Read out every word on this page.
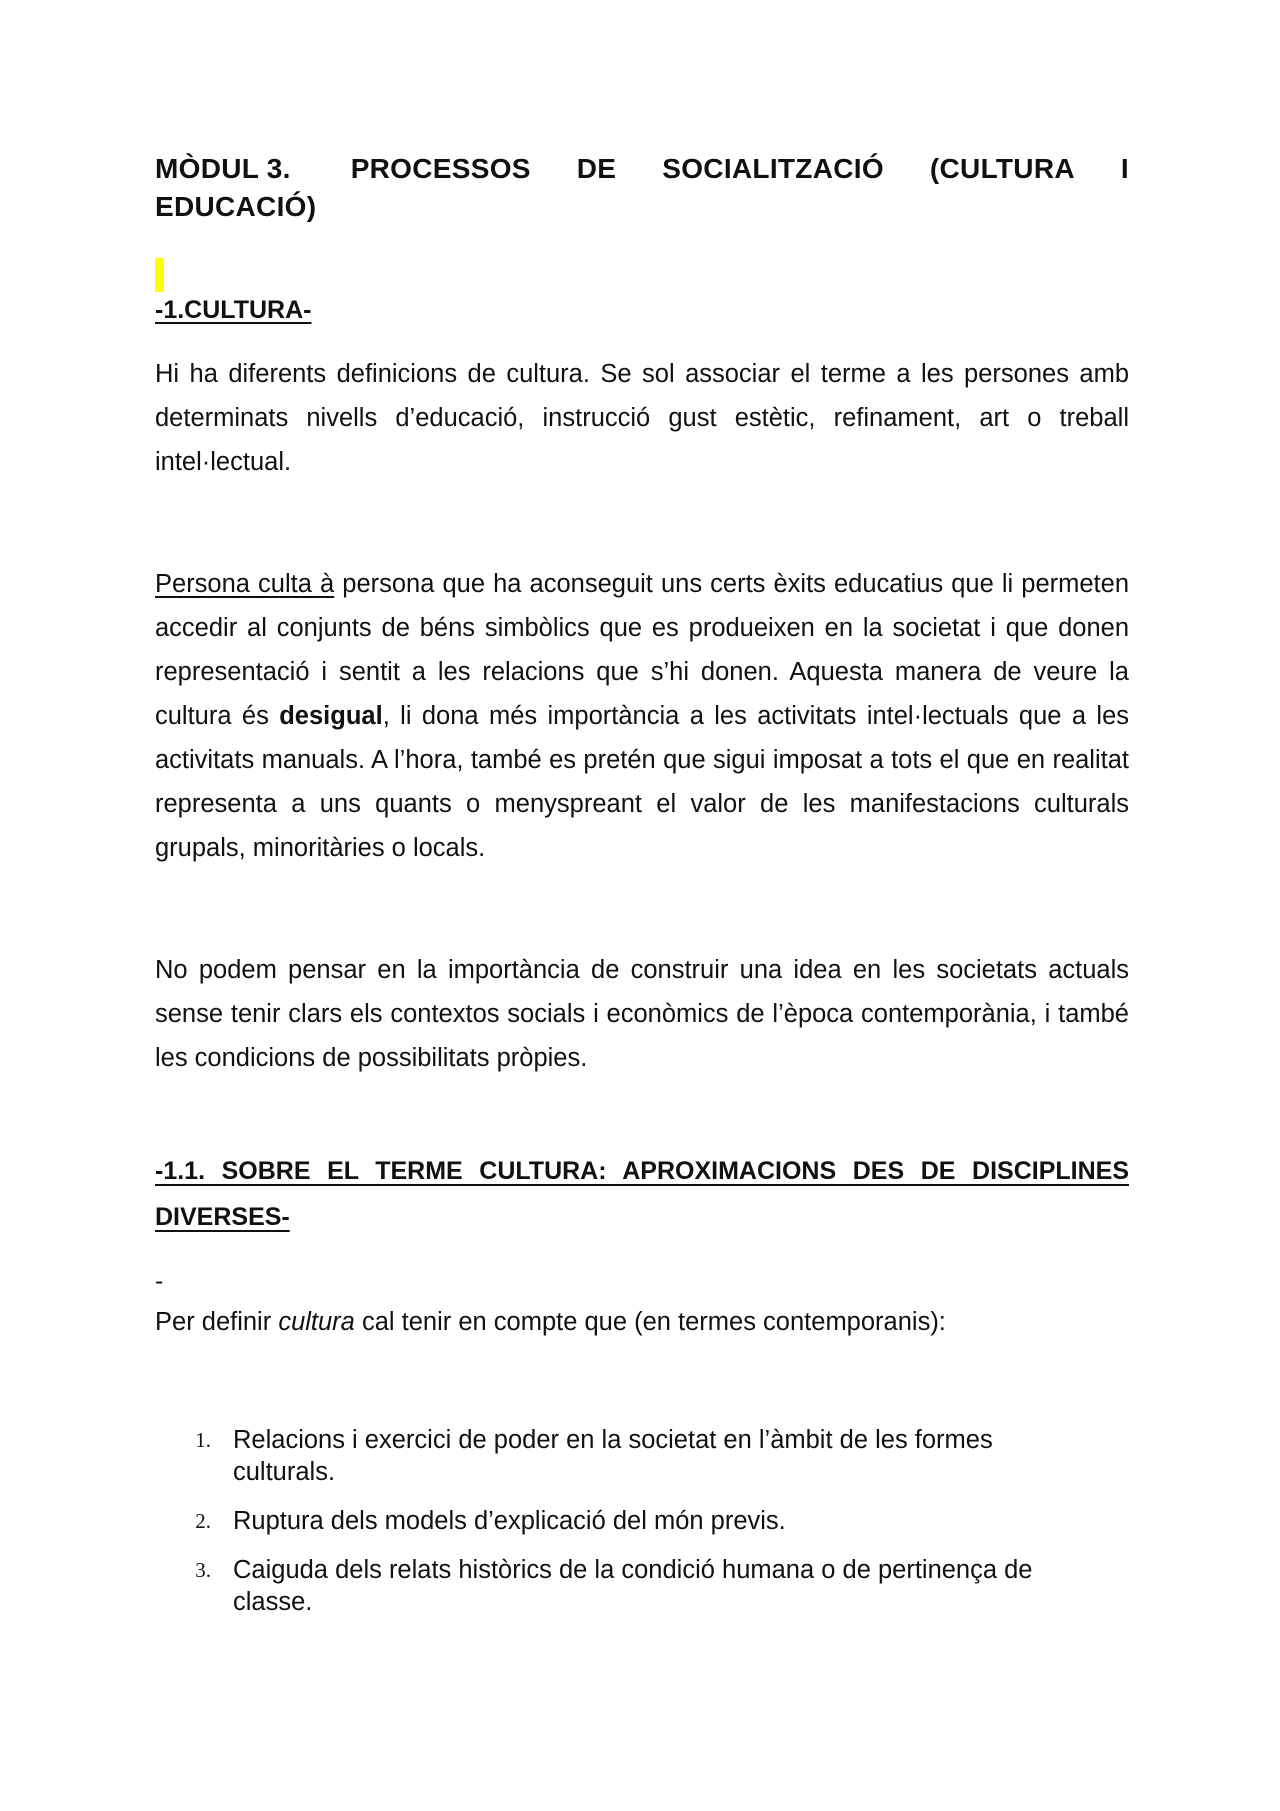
MÒDUL 3. PROCESSOS DE SOCIALITZACIÓ (CULTURA I
EDUCACIÓ)
-1.CULTURA-

Hi ha diferents definicions de cultura. Se sol associar el terme a les persones amb determinats nivells d’educació, instrucció gust estètic, refinament, art o treball intel·lectual.

Persona culta à persona que ha aconseguit uns certs èxits educatius que li permeten accedir al conjunts de béns simbòlics que es produeixen en la societat i que donen representació i sentit a les relacions que s’hi donen. Aquesta manera de veure la cultura és desigual, li dona més importància a les activitats intel·lectuals que a les activitats manuals. A l’hora, també es pretén que sigui imposat a tots el que en realitat representa a uns quants o menyspreant el valor de les manifestacions culturals grupals, minoritàries o locals.

No podem pensar en la importància de construir una idea en les societats actuals sense tenir clars els contextos socials i econòmics de l’època contemporània, i també les condicions de possibilitats pròpies.

-1.1. SOBRE EL TERME CULTURA: APROXIMACIONS DES DE DISCIPLINES DIVERSES-
-

Per definir cultura cal tenir en compte que (en termes contemporanis):

1. Relacions i exercici de poder en la societat en l’àmbit de les formes culturals.
2. Ruptura dels models d’explicació del món previs.
3. Caiguda dels relats històrics de la condició humana o de pertinença de classe.
